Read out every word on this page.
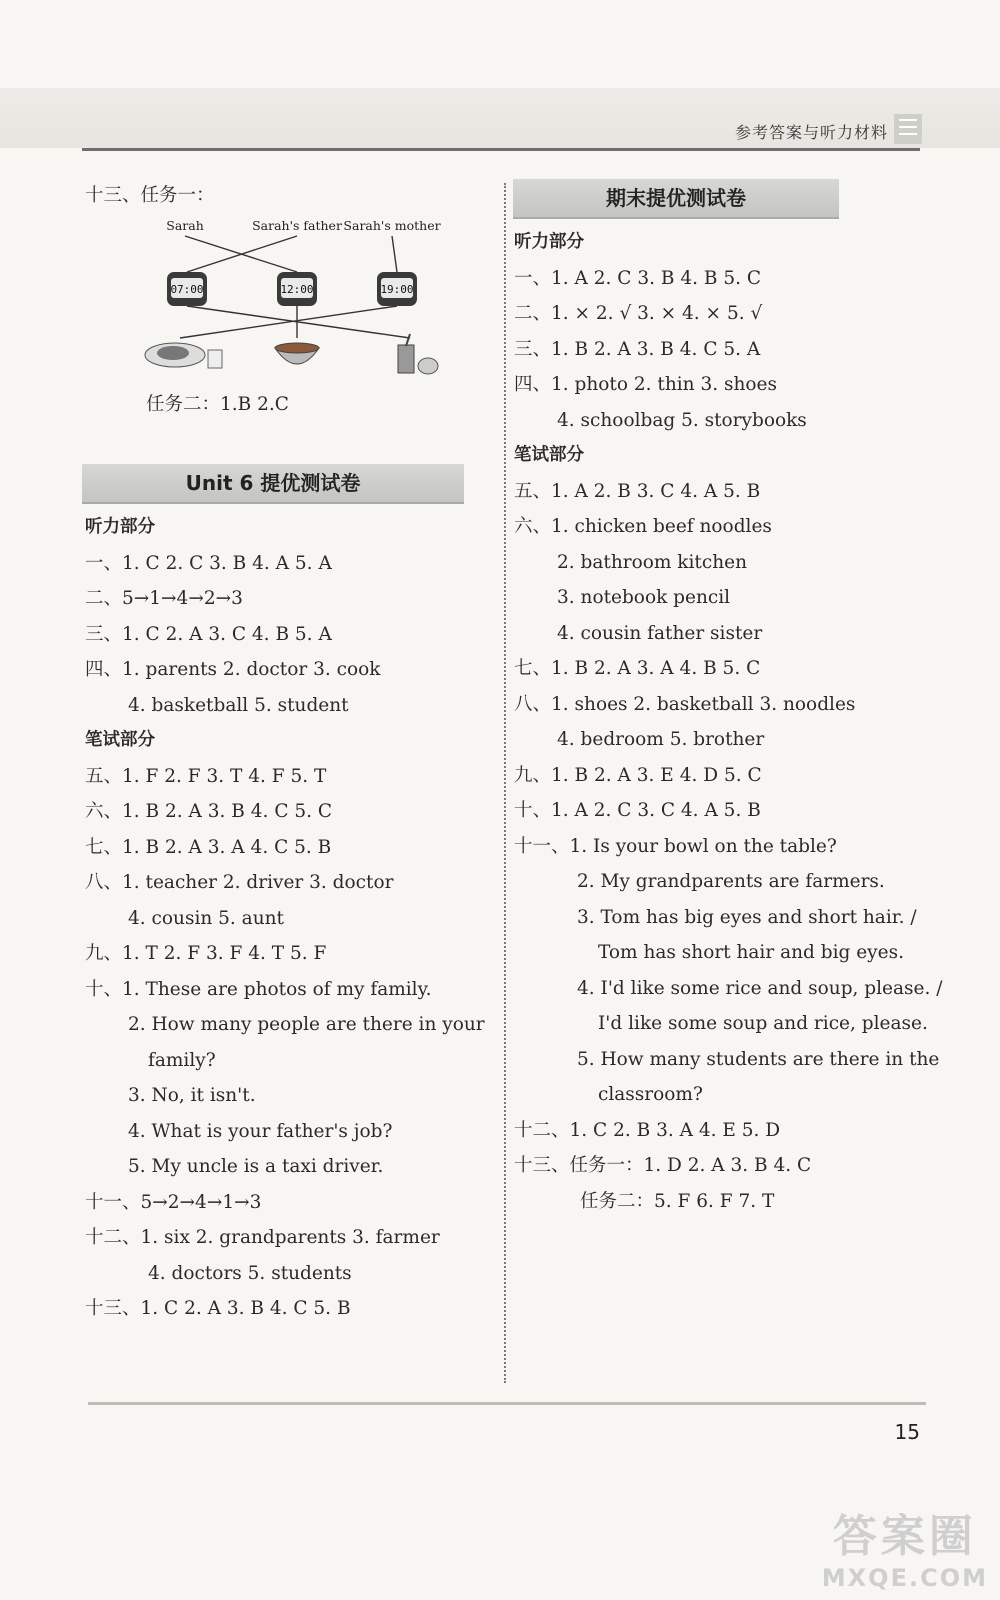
参考答案与听力材料
十三、任务一：
Sarah	Sarah's father Sarah's mother
07:00	12:00	19:00
任务二：1.B 2.C
Unit 6 提优测试卷
听力部分
一、1. C 2. C 3. B 4. A 5. A
二、5→1→4→2→3
三、1. C 2. A 3. C 4. B 5. A
四、1. parents 2. doctor 3. cook
4. basketball 5. student
笔试部分
五、1. F 2. F 3. T 4. F 5. T
六、1. B 2. A 3. B 4. C 5. C
七、1. B 2. A 3. A 4. C 5. B
八、1. teacher 2. driver 3. doctor
4. cousin 5. aunt
九、1. T 2. F 3. F 4. T 5. F
十、1. These are photos of my family.
2. How many people are there in your
family?
3. No, it isn't.
4. What is your father's job?
5. My uncle is a taxi driver.
十一、5→2→4→1→3
十二、1. six 2. grandparents 3. farmer
4. doctors 5. students
十三、1. C 2. A 3. B 4. C 5. B
期末提优测试卷
听力部分
一、1. A 2. C 3. B 4. B 5. C
二、1. × 2. √ 3. × 4. × 5. √
三、1. B 2. A 3. B 4. C 5. A
四、1. photo 2. thin 3. shoes
4. schoolbag 5. storybooks
笔试部分
五、1. A 2. B 3. C 4. A 5. B
六、1. chicken beef noodles
2. bathroom kitchen
3. notebook pencil
4. cousin father sister
七、1. B 2. A 3. A 4. B 5. C
八、1. shoes 2. basketball 3. noodles
4. bedroom 5. brother
九、1. B 2. A 3. E 4. D 5. C
十、1. A 2. C 3. C 4. A 5. B
十一、1. Is your bowl on the table?
2. My grandparents are farmers.
3. Tom has big eyes and short hair. /
Tom has short hair and big eyes.
4. I'd like some rice and soup, please. /
I'd like some soup and rice, please.
5. How many students are there in the
classroom?
十二、1. C 2. B 3. A 4. E 5. D
十三、任务一：1. D 2. A 3. B 4. C
任务二：5. F 6. F 7. T
15
答案圈
MXQE.COM
